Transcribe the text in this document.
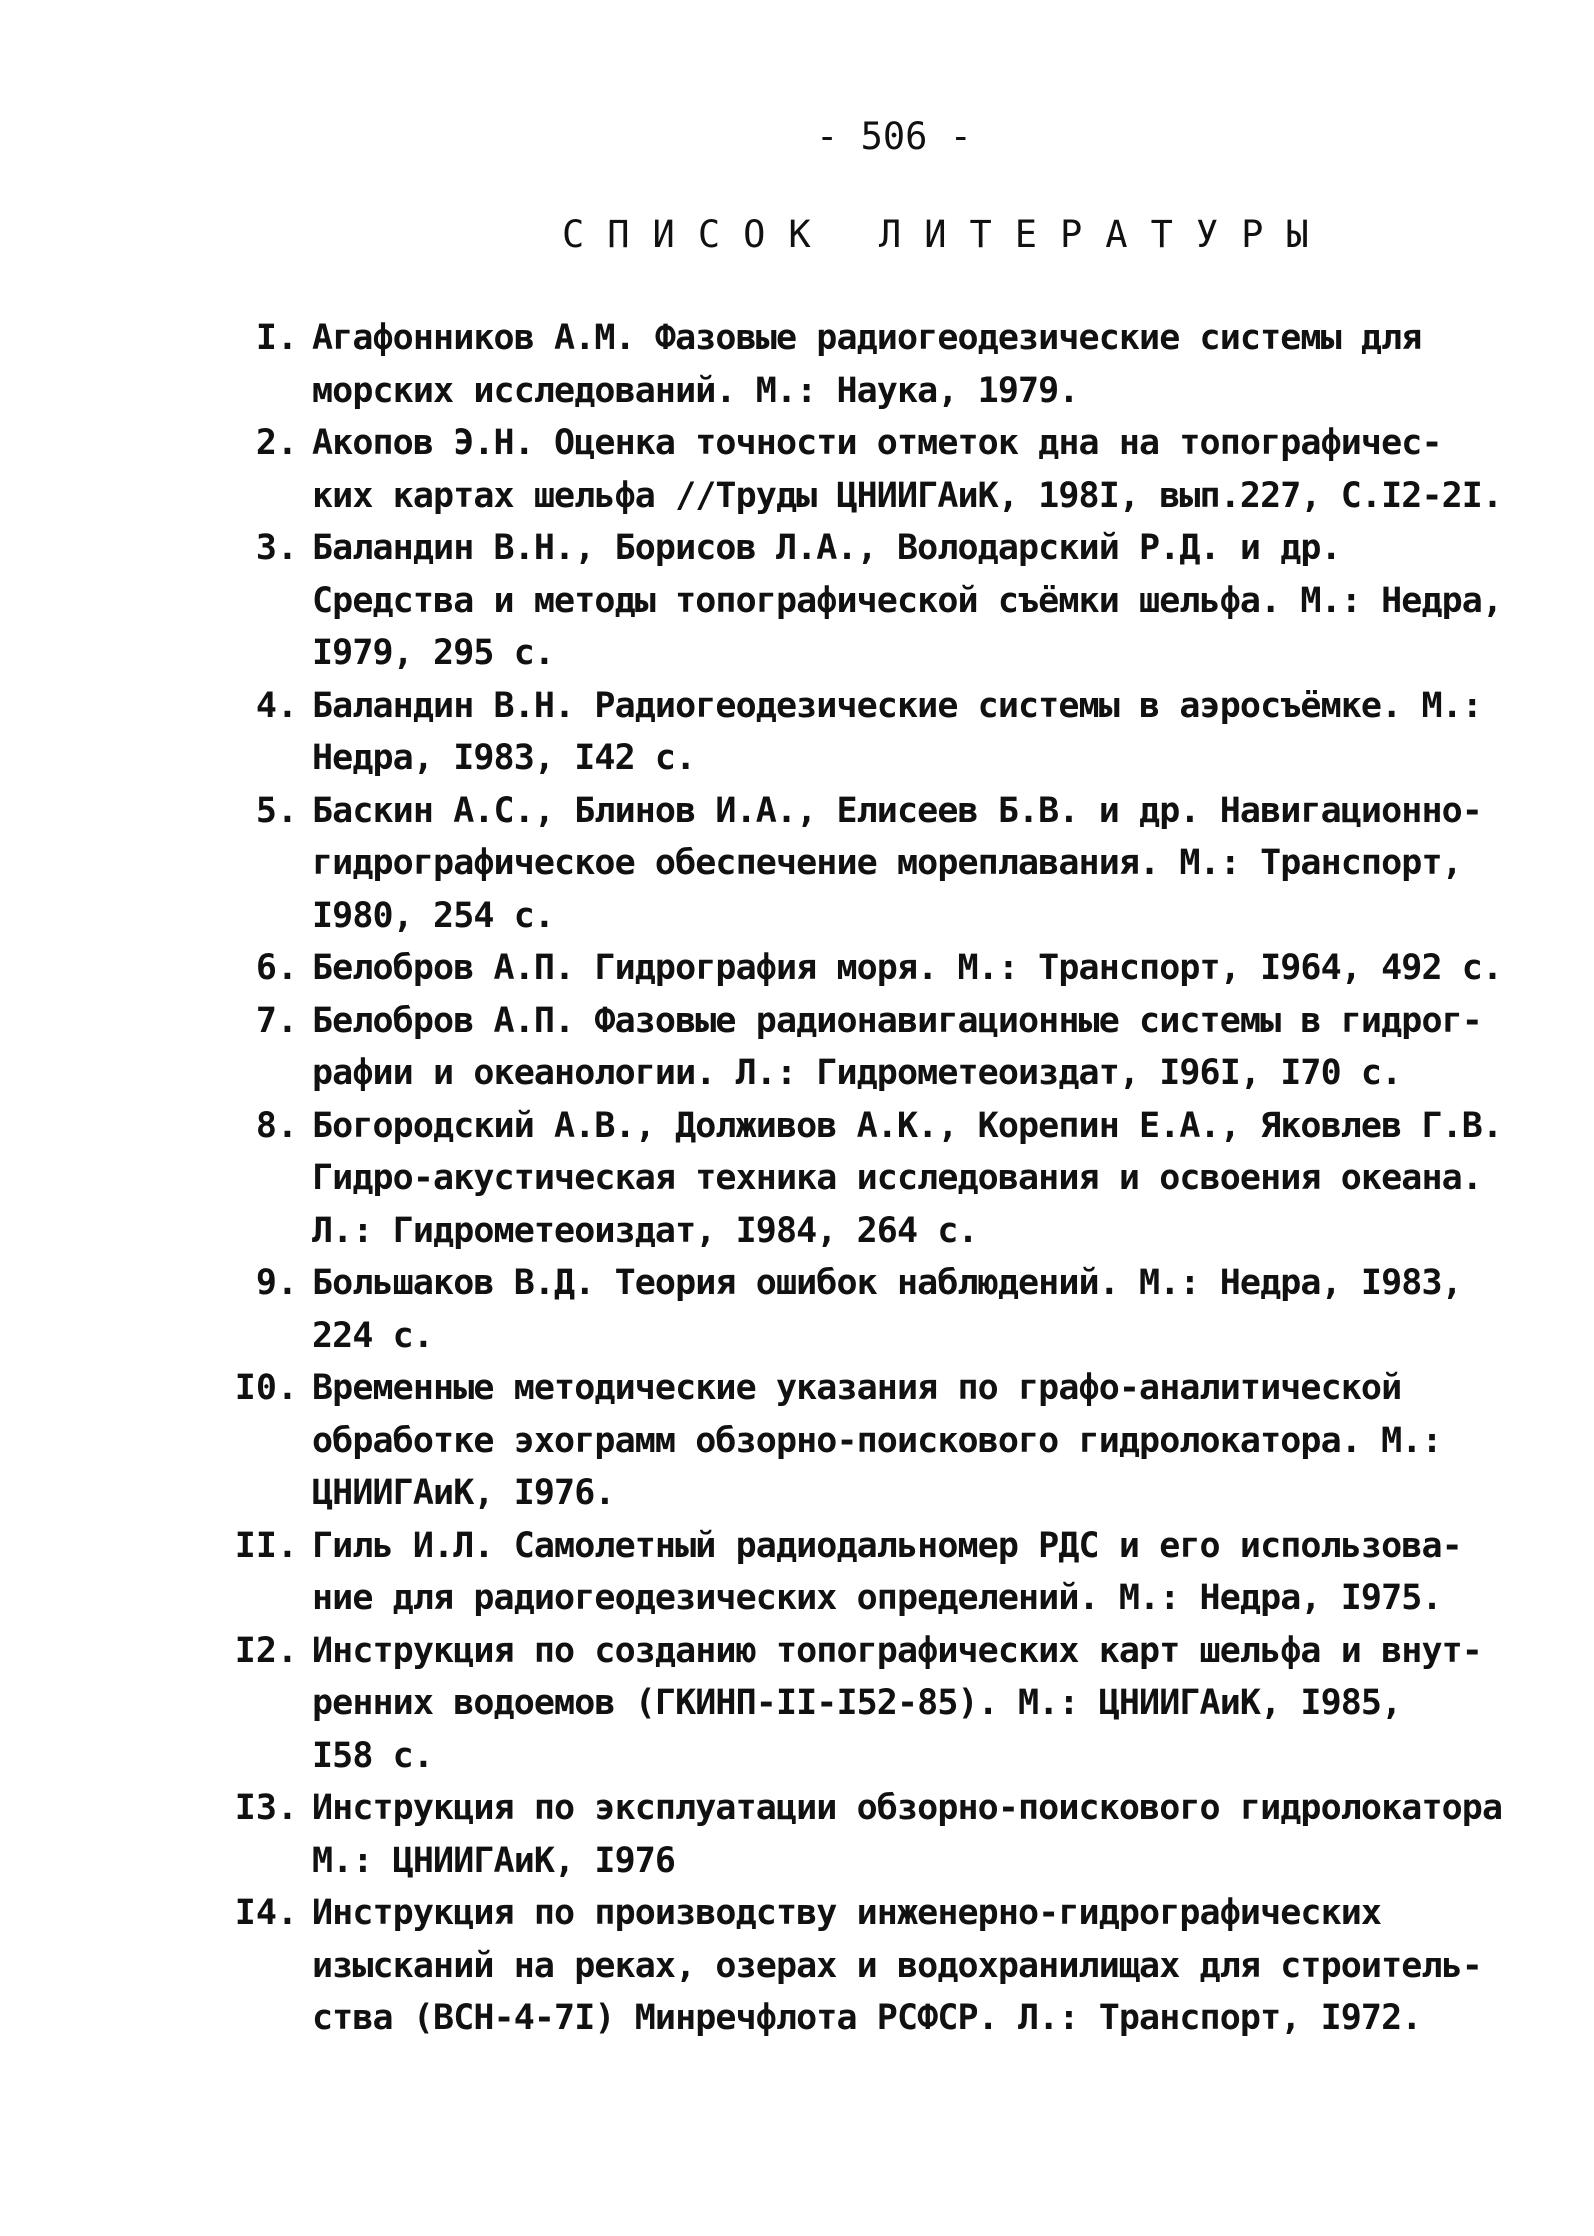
- 506 -
СПИСОК ЛИТЕРАТУРЫ
I. Агафонников А.М. Фазовые радиогеодезические системы для
морских исследований. М.: Наука, 1979.
2. Акопов Э.Н. Оценка точности отметок дна на топографичес-
ких картах шельфа //Труды ЦНИИГАиК, 198I, вып.227, С.I2-2I.
3. Баландин В.Н., Борисов Л.А., Володарский Р.Д. и др.
Средства и методы топографической съёмки шельфа. М.: Недра,
I979, 295 с.
4. Баландин В.Н. Радиогеодезические системы в аэросъёмке. М.:
Недра, I983, I42 с.
5. Баскин А.С., Блинов И.А., Елисеев Б.В. и др. Навигационно-
гидрографическое обеспечение мореплавания. М.: Транспорт,
I980, 254 с.
6. Белобров А.П. Гидрография моря. М.: Транспорт, I964, 492 с.
7. Белобров А.П. Фазовые радионавигационные системы в гидрог-
рафии и океанологии. Л.: Гидрометеоиздат, I96I, I70 с.
8. Богородский А.В., Долживов А.К., Корепин Е.А., Яковлев Г.В.
Гидро-акустическая техника исследования и освоения океана.
Л.: Гидрометеоиздат, I984, 264 с.
9. Большаков В.Д. Теория ошибок наблюдений. М.: Недра, I983,
224 с.
I0. Временные методические указания по графо-аналитической
обработке эхограмм обзорно-поискового гидролокатора. М.:
ЦНИИГАиК, I976.
II. Гиль И.Л. Самолетный радиодальномер РДС и его использова-
ние для радиогеодезических определений. М.: Недра, I975.
I2. Инструкция по созданию топографических карт шельфа и внут-
ренних водоемов (ГКИНП-II-I52-85). М.: ЦНИИГАиК, I985,
I58 с.
I3. Инструкция по эксплуатации обзорно-поискового гидролокатора
М.: ЦНИИГАиК, I976
I4. Инструкция по производству инженерно-гидрографических
изысканий на реках, озерах и водохранилищах для строитель-
ства (ВСН-4-7I) Минречфлота РСФСР. Л.: Транспорт, I972.
